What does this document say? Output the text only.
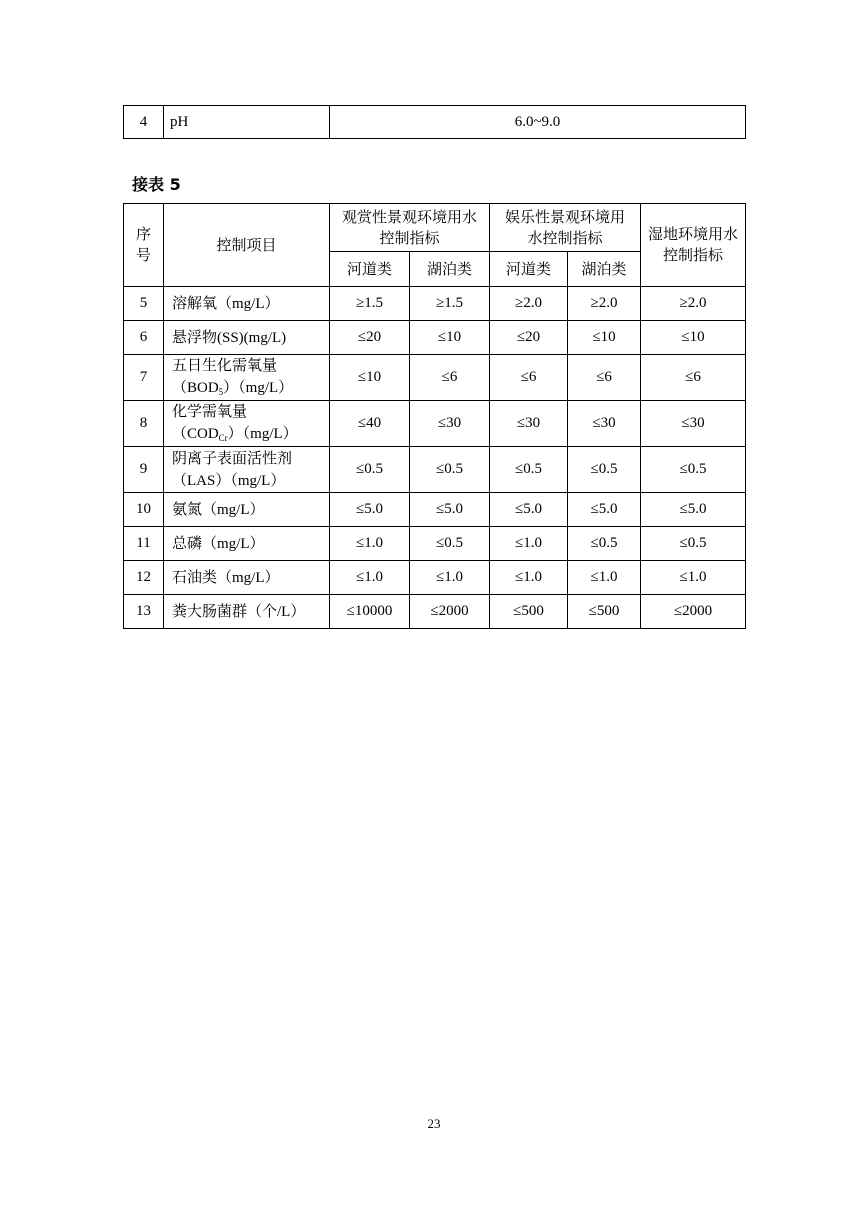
4	pH	6.0~9.0
接表 5
序号	控制项目	观赏性景观环境用水控制指标		娱乐性景观环境用水控制指标		湿地环境用水控制指标
		河道类	湖泊类	河道类	湖泊类	
5	溶解氧（mg/L）	≥1.5	≥1.5	≥2.0	≥2.0	≥2.0
6	悬浮物(SS)(mg/L)	≤20	≤10	≤20	≤10	≤10
7	五日生化需氧量
$(BOD_5)(mg/L)$	≤10	≤6	≤6	≤6	≤6
8	化学需氧量
$(COD_{Cr})(mg/L)$	≤40	≤30	≤30	≤30	≤30
9	阴离子表面活性剂
（LAS）（mg/L）	≤0.5	≤0.5	≤0.5	≤0.5	≤0.5
10	氨氮（mg/L）	≤5.0	≤5.0	≤5.0	≤5.0	≤5.0
11	总磷（mg/L）	≤1.0	≤0.5	≤1.0	≤0.5	≤0.5
12	石油类（mg/L）	≤1.0	≤1.0	≤1.0	≤1.0	≤1.0
13	粪大肠菌群（个/L）	≤10000	≤2000	≤500	≤500	≤2000
23
